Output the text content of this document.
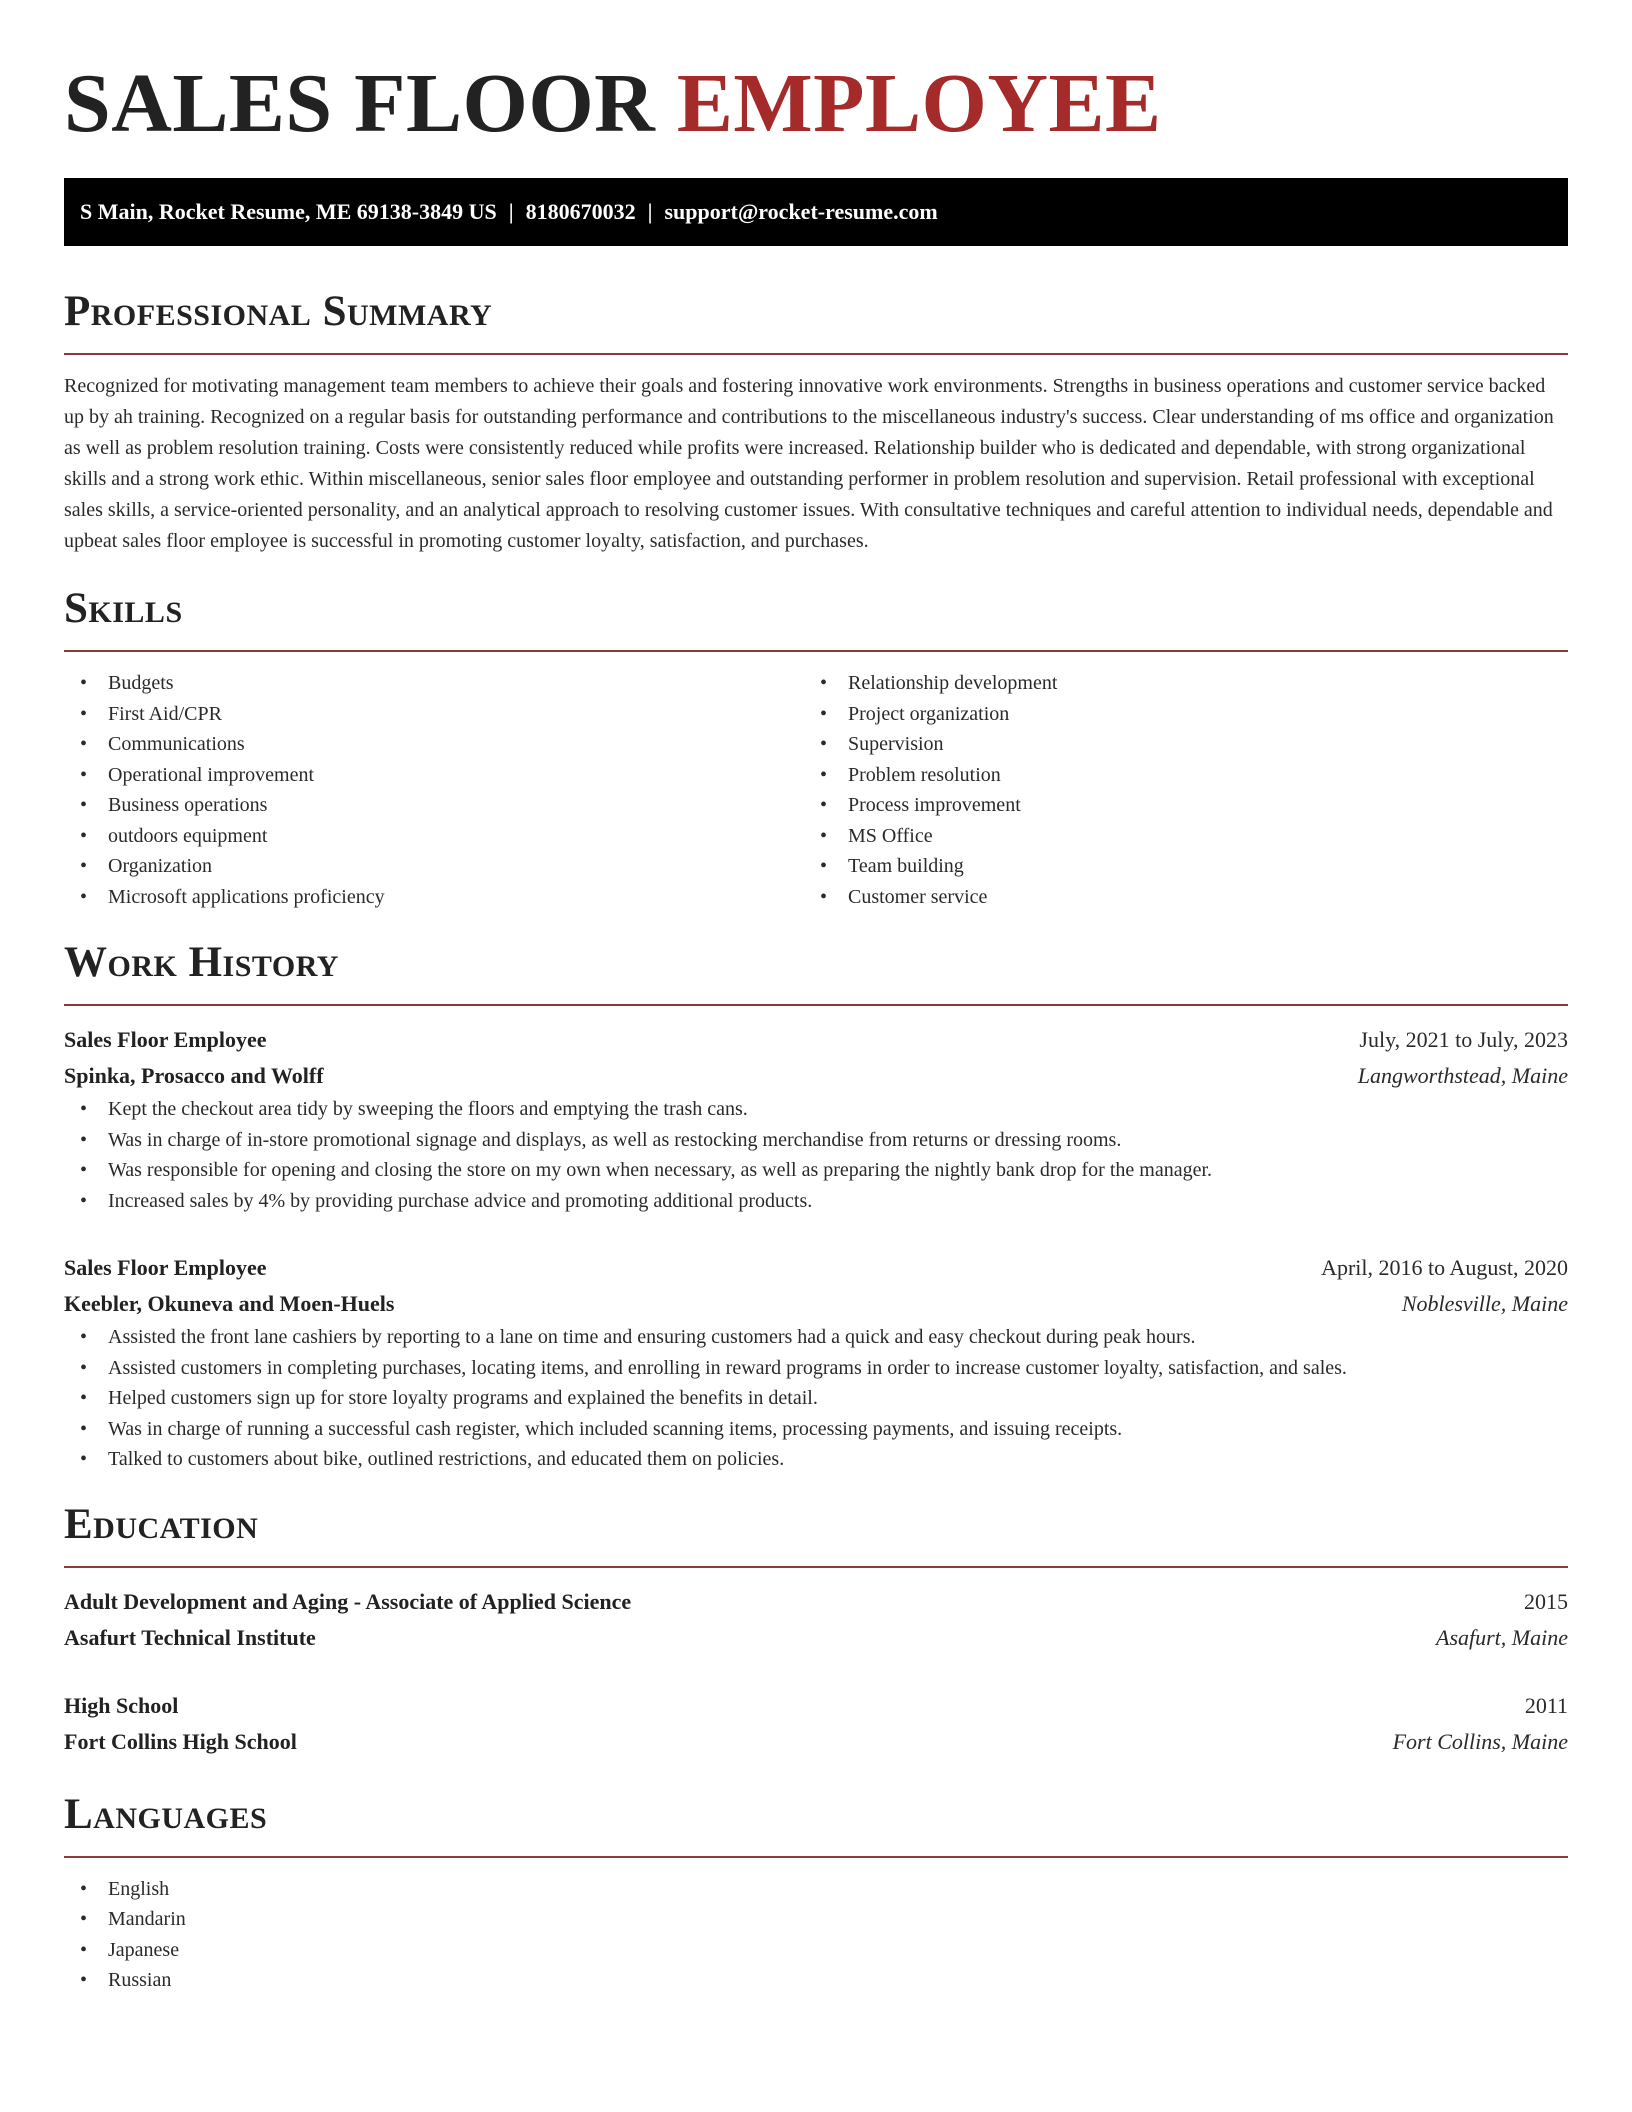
SALES FLOOR EMPLOYEE
S Main, Rocket Resume, ME 69138-3849 US | 8180670032 | support@rocket-resume.com
Professional Summary

Recognized for motivating management team members to achieve their goals and fostering innovative work environments. Strengths in business operations and customer service backed up by ah training. Recognized on a regular basis for outstanding performance and contributions to the miscellaneous industry's success. Clear understanding of ms office and organization as well as problem resolution training. Costs were consistently reduced while profits were increased. Relationship builder who is dedicated and dependable, with strong organizational skills and a strong work ethic. Within miscellaneous, senior sales floor employee and outstanding performer in problem resolution and supervision. Retail professional with exceptional sales skills, a service-oriented personality, and an analytical approach to resolving customer issues. With consultative techniques and careful attention to individual needs, dependable and upbeat sales floor employee is successful in promoting customer loyalty, satisfaction, and purchases.

Skills
• Budgets
• First Aid/CPR
• Communications
• Operational improvement
• Business operations
• outdoors equipment
• Organization
• Microsoft applications proficiency
• Relationship development
• Project organization
• Supervision
• Problem resolution
• Process improvement
• MS Office
• Team building
• Customer service
Work History
Sales Floor Employee	July, 2021 to July, 2023
Spinka, Prosacco and Wolff	Langworthstead, Maine
• Kept the checkout area tidy by sweeping the floors and emptying the trash cans.
• Was in charge of in-store promotional signage and displays, as well as restocking merchandise from returns or dressing rooms.
• Was responsible for opening and closing the store on my own when necessary, as well as preparing the nightly bank drop for the manager.
• Increased sales by 4% by providing purchase advice and promoting additional products.
Sales Floor Employee	April, 2016 to August, 2020
Keebler, Okuneva and Moen-Huels	Noblesville, Maine
• Assisted the front lane cashiers by reporting to a lane on time and ensuring customers had a quick and easy checkout during peak hours.
• Assisted customers in completing purchases, locating items, and enrolling in reward programs in order to increase customer loyalty, satisfaction, and sales.
• Helped customers sign up for store loyalty programs and explained the benefits in detail.
• Was in charge of running a successful cash register, which included scanning items, processing payments, and issuing receipts.
• Talked to customers about bike, outlined restrictions, and educated them on policies.
Education
Adult Development and Aging - Associate of Applied Science	2015
Asafurt Technical Institute	Asafurt, Maine
High School	2011
Fort Collins High School	Fort Collins, Maine
Languages
• English
• Mandarin
• Japanese
• Russian
